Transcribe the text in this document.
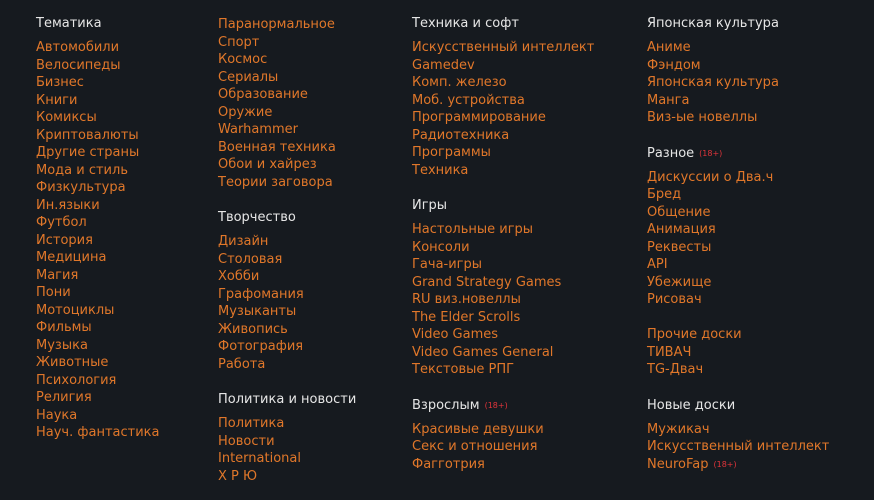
Тематика
Автомобили
Велосипеды
Бизнес
Книги
Комиксы
Криптовалюты
Другие страны
Мода и стиль
Физкультура
Ин.языки
Футбол
История
Медицина
Магия
Пони
Мотоциклы
Фильмы
Музыка
Животные
Психология
Религия
Наука
Науч. фантастика
Паранормальное
Спорт
Космос
Сериалы
Образование
Оружие
Warhammer
Военная техника
Обои и хайрез
Теории заговора
Творчество
Дизайн
Столовая
Хобби
Графомания
Музыканты
Живопись
Фотография
Работа
Политика и новости
Политика
Новости
International
Х Р Ю
Техника и софт
Искусственный интеллект
Gamedev
Комп. железо
Моб. устройства
Программирование
Радиотехника
Программы
Техника
Игры
Настольные игры
Консоли
Гача-игры
Grand Strategy Games
RU виз.новеллы
The Elder Scrolls
Video Games
Video Games General
Текстовые РПГ
Взрослым (18+)
Красивые девушки
Секс и отношения
Фагготрия
Японская культура
Аниме
Фэндом
Японская культура
Манга
Виз-ые новеллы
Разное (18+)
Дискуссии о Два.ч
Бред
Общение
Анимация
Реквесты
API
Убежище
Рисовач
Прочие доски
ТИВАЧ
TG-Двач
Новые доски
Мужикач
Искусственный интеллект
NeuroFap (18+)
